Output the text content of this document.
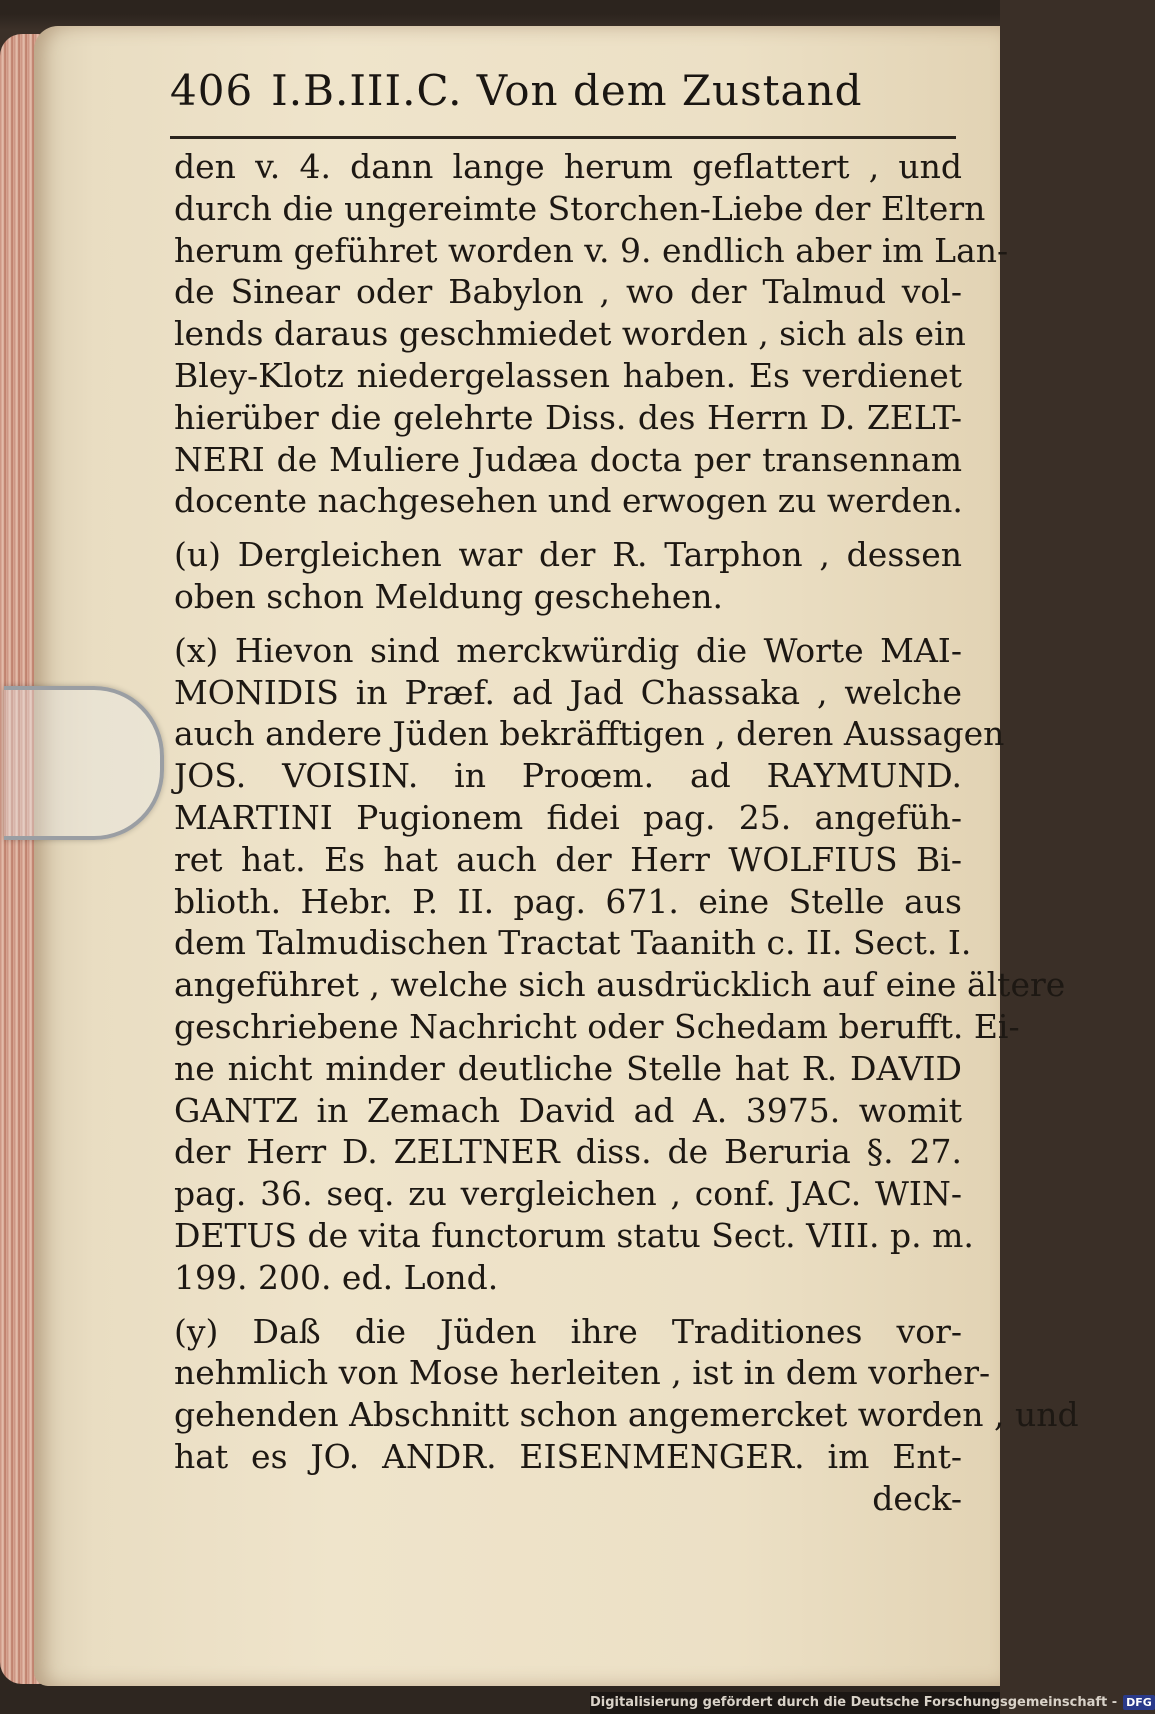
406 I.B.III.C. Von dem Zustand
den v. 4. dann lange herum geflattert , und
durch die ungereimte Storchen-Liebe der Eltern
herum geführet worden v. 9. endlich aber im Lan-
de Sinear oder Babylon , wo der Talmud vol-
lends daraus geschmiedet worden , sich als ein
Bley-Klotz niedergelassen haben. Es verdienet
hierüber die gelehrte Diss. des Herrn D. ZELT-
NERI de Muliere Judæa docta per transennam
docente nachgesehen und erwogen zu werden.
(u) Dergleichen war der R. Tarphon , dessen
oben schon Meldung geschehen.
(x) Hievon sind merckwürdig die Worte MAI-
MONIDIS in Præf. ad Jad Chassaka , welche
auch andere Jüden bekräfftigen , deren Aussagen
JOS. VOISIN. in Proœm. ad RAYMUND.
MARTINI Pugionem fidei pag. 25. angefüh-
ret hat. Es hat auch der Herr WOLFIUS Bi-
blioth. Hebr. P. II. pag. 671. eine Stelle aus
dem Talmudischen Tractat Taanith c. II. Sect. I.
angeführet , welche sich ausdrücklich auf eine ältere
geschriebene Nachricht oder Schedam berufft. Ei-
ne nicht minder deutliche Stelle hat R. DAVID
GANTZ in Zemach David ad A. 3975. womit
der Herr D. ZELTNER diss. de Beruria §. 27.
pag. 36. seq. zu vergleichen , conf. JAC. WIN-
DETUS de vita functorum statu Sect. VIII. p. m.
199. 200. ed. Lond.
(y) Daß die Jüden ihre Traditiones vor-
nehmlich von Mose herleiten , ist in dem vorher-
gehenden Abschnitt schon angemercket worden , und
hat es JO. ANDR. EISENMENGER. im Ent-
deck-
Digitalisierung gefördert durch die Deutsche Forschungsgemeinschaft - DFG
